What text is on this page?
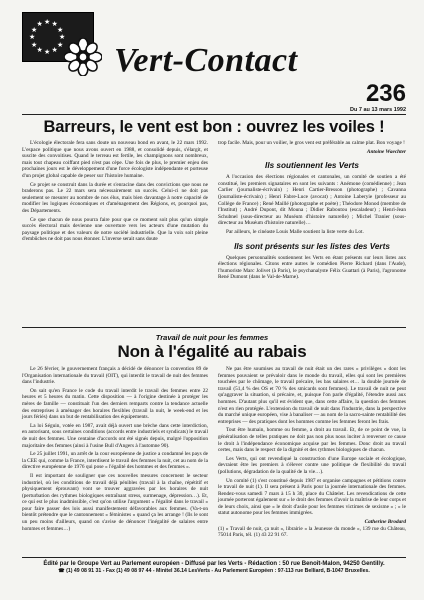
★
★
★
★
★
★
★
★
★ ★ ★
★
Vert-Contact
236
Du 7 au 13 mars 1992
Barreurs, le vent est bon : ouvrez les voiles !

L'écologie électorale fera sans doute un nouveau bond en avant, le 22 mars 1992. L'espace politique que nous avons ouvert en 1988, et consolidé depuis, s'élargit, et suscite des convoitises. Quand le terreau est fertile, les champignons sont nombreux, mais tout chapeau coiffant pied n'est pas cèpe. Une fois de plus, le premier enjeu des prochaines jours est le développement d'une force écologiste indépendante et porteuse d'un projet global capable de peser sur l'histoire humaine.

Ce projet se construit dans la durée et s'enracine dans des convictions que nous ne braderons pas. Le 22 mars sera nécessairement un succès. Celui-ci ne doit pas seulement se mesurer au nombre de nos élus, mais bien davantage à notre capacité de modifier les logiques économiques et d'aménagement des Régions, et, pourquoi pas, des Départements.

Ce que chacun de nous pourra faire pour que ce moment soit plus qu'un simple succès électoral mais devienne une ouverture vers les acteurs d'une mutation du paysage politique et des valeurs de notre société industrielle. Que la voix soit pleine d'embûches ne doit pas nous étonner. L'inverse serait sans doute

trop facile. Mais, pour un voilier, le gros vent est préférable au calme plat. Bon voyage !

Antoine Waechter
Ils soutiennent les Verts

A l'occasion des élections régionales et cantonales, un comité de soutien a été constitué, les premiers signataires en sont les suivants : Anémone (comédienne) ; Jean Carlier (journaliste-écrivain) ; Henri Cartier-Bresson (photographe) ; Cavanna (journaliste-écrivain) ; Henri Fabre-Luce (avocat) ; Antoine Laberyie (professeur au Collège de France) ; René Maillé (photographe et poète) ; Théodore Monod (membre de l'Institut) ; André Dupont, dit Mouna ; Didier Raboutou (escaladeur) ; Henri-Jean Schubnel (sous-directeur au Muséum d'histoire naturelle) ; Michel Tranier (sous-directeur au Muséum d'histoire naturelle)…

Par ailleurs, le cinéaste Louis Malle soutient la liste verte du Lot.

Ils sont présents sur les listes des Verts

Quelques personnalités soutiennent les Verts en étant présents sur leurs listes aux élections régionales. Citons entre autres le comédien Pierre Richard (dans l'Aude), l'humoriste Marc Jolivet (à Paris), le psychanalyste Félix Guattari (à Paris), l'agronome René Dumont (dans le Val-de-Marne).

Travail de nuit pour les femmes
Non à l'égalité au rabais

Le 26 février, le gouvernement français a décidé de dénoncer la convention 89 de l'Organisation internationale du travail (OIT), qui interdit le travail de nuit des femmes dans l'industrie.

On sait qu'en France le code du travail interdit le travail des femmes entre 22 heures et 5 heures du matin. Cette disposition — à l'origine destinée à protéger les mères de famille — constituait l'un des derniers remparts contre la tendance actuelle des entreprises à aménager des horaires flexibles (travail la nuit, le week-end et les jours fériés) dans un but de rentabilisation des équipements.

La loi Séguin, votée en 1987, avait déjà ouvert une brèche dans cette interdiction, en autorisant, sous certaines conditions (accords entre industriels et syndicats) le travail de nuit des femmes. Une centaine d'accords ont été signés depuis, malgré l'opposition majoritaire des femmes (ainsi à l'usine Bull d'Angers à l'automne 90).

Le 25 juillet 1991, un arrêt de la cour européenne de justice a condamné les pays de la CEE qui, comme la France, interdisent le travail des femmes la nuit, cet au nom de la directive européenne de 1976 qui pose « l'égalité des hommes et des femmes ».

Il est important de souligner que ces nouvelles mesures concernent le secteur industriel, où les conditions de travail déjà pénibles (travail à la chaîne, répétitif et physiquement éprouvant) vont se trouver aggravées par les horaires de nuit (perturbation des rythmes biologiques entraînant stress, surmenage, dépression…). Et, ce qui est le plus inadmissible, c'est qu'on utilise l'argument « l'égalité dans le travail » pour faire passer des lois aussi manifestement défavorables aux femmes. (Va-t-on bientôt prétendre que le cantonnement « féministes » quand ça les arrange ! (Ils le sont un peu moins d'ailleurs, quand on s'avise de dénoncer l'inégalité de salaires entre hommes et femmes…)

Ne pas être soumises au travail de nuit était un des rares « privilèges » dont les femmes pouvaient se prévaloir dans le monde du travail, elles qui sont les premières touchées par le chômage, le travail précaire, les bas salaires et… la double journée de travail (51,4 % des OS et 70 % des smicards sont femmes). Le travail de nuit ne peut qu'aggraver la situation, si précaire, et, puisque l'on parle d'égalité, l'étendre aussi aux hommes. D'autant plus qu'il est évident que, dans cette affaire, la question des femmes n'est en rien protégée. L'extension du travail de nuit dans l'industrie, dans la perspective du marché unique européen, vise à banaliser — au nom de la sacro-sainte rentabilité des entreprises — des pratiques dont les hommes comme les femmes feront les frais.

Tout être humain, homme ou femme, a droit au travail. Et, de ce point de vue, la généralisation de telles pratiques ne doit pas non plus nous inciter à renverser ce cause le droit à l'indépendance économique acquise par les femmes. Donc droit au travail certes, mais dans le respect de la dignité et des rythmes biologiques de chacun.

Les Verts, qui ont revendiqué la construction d'une Europe sociale et écologique, devraient être les premiers à s'élever contre une politique de flexibilité du travail (pollutions, dégradation de la qualité de la vie…).

Un comité (1) s'est constitué depuis 1987 et organise campagnes et pétitions contre le travail de nuit (1). Il sera présent à Paris pour la journée internationale des femmes. Rendez-vous samedi 7 mars à 15 h 30, place du Châtelet. Les revendications de cette journée porteront également sur « le droit des femmes d'avoir la maîtrise de leur corps et de leurs choix, ainsi que « le droit d'asile pour les femmes victimes de sexisme » ; « le statut autonome pour les femmes immigrées.

Catherine Brodard

(1) « Travail de nuit, ça nuit », librairie « la Jeunesse du monde », 139 rue du Château, 75014 Paris, tél. (1) 43 22 91 67.

Édité par le Groupe Vert au Parlement européen - Diffusé par les Verts - Rédaction : 50 rue Benoît-Malon, 94250 Gentilly.
☎ (1) 49 08 91 31 - Fax (1) 49 08 97 44 - Minitel 36.14 LesVerts - Au Parlement Européen : 97-113 rue Belliard, B-1047 Bruxelles.
